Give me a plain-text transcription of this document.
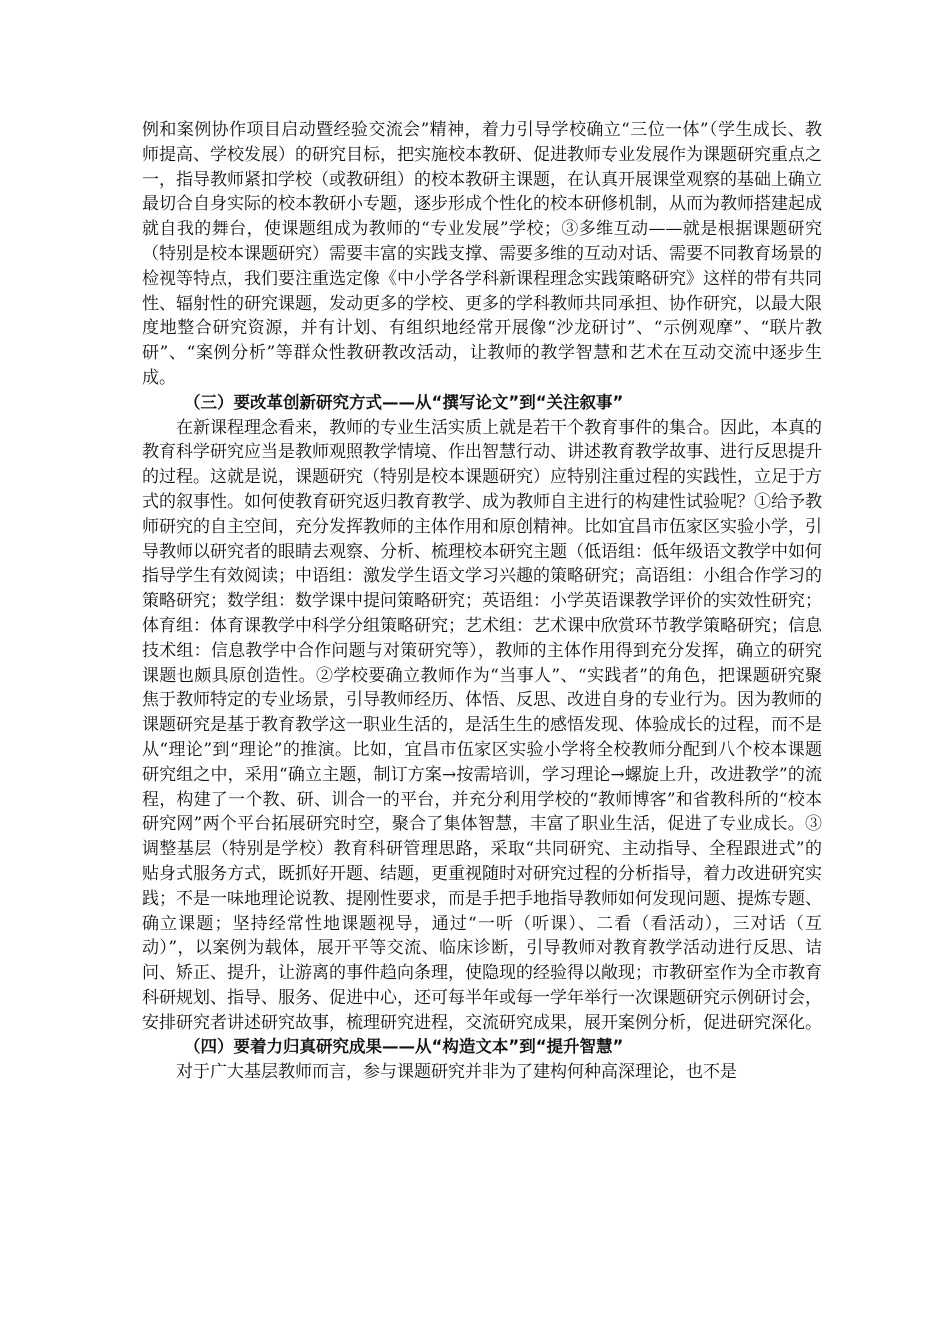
例和案例协作项目启动暨经验交流会”精神，着力引导学校确立“三位一体”（学生成长、教师提高、学校发展）的研究目标，把实施校本教研、促进教师专业发展作为课题研究重点之一，指导教师紧扣学校（或教研组）的校本教研主课题，在认真开展课堂观察的基础上确立最切合自身实际的校本教研小专题，逐步形成个性化的校本研修机制，从而为教师搭建起成就自我的舞台，使课题组成为教师的“专业发展”学校；③多维互动——就是根据课题研究（特别是校本课题研究）需要丰富的实践支撑、需要多维的互动对话、需要不同教育场景的检视等特点，我们要注重选定像《中小学各学科新课程理念实践策略研究》这样的带有共同性、辐射性的研究课题，发动更多的学校、更多的学科教师共同承担、协作研究，以最大限度地整合研究资源，并有计划、有组织地经常开展像“沙龙研讨”、“示例观摩”、“联片教研”、“案例分析”等群众性教研教改活动，让教师的教学智慧和艺术在互动交流中逐步生成。

（三）要改革创新研究方式——从“撰写论文”到“关注叙事”

在新课程理念看来，教师的专业生活实质上就是若干个教育事件的集合。因此，本真的教育科学研究应当是教师观照教学情境、作出智慧行动、讲述教育教学故事、进行反思提升的过程。这就是说，课题研究（特别是校本课题研究）应特别注重过程的实践性，立足于方式的叙事性。如何使教育研究返归教育教学、成为教师自主进行的构建性试验呢？①给予教师研究的自主空间，充分发挥教师的主体作用和原创精神。比如宜昌市伍家区实验小学，引导教师以研究者的眼睛去观察、分析、梳理校本研究主题（低语组：低年级语文教学中如何指导学生有效阅读；中语组：激发学生语文学习兴趣的策略研究；高语组：小组合作学习的策略研究；数学组：数学课中提问策略研究；英语组：小学英语课教学评价的实效性研究；体育组：体育课教学中科学分组策略研究；艺术组：艺术课中欣赏环节教学策略研究；信息技术组：信息教学中合作问题与对策研究等），教师的主体作用得到充分发挥，确立的研究课题也颇具原创造性。②学校要确立教师作为“当事人”、“实践者”的角色，把课题研究聚焦于教师特定的专业场景，引导教师经历、体悟、反思、改进自身的专业行为。因为教师的课题研究是基于教育教学这一职业生活的，是活生生的感悟发现、体验成长的过程，而不是从“理论”到“理论”的推演。比如，宜昌市伍家区实验小学将全校教师分配到八个校本课题研究组之中，采用“确立主题，制订方案→按需培训，学习理论→螺旋上升，改进教学”的流程，构建了一个教、研、训合一的平台，并充分利用学校的“教师博客”和省教科所的“校本研究网”两个平台拓展研究时空，聚合了集体智慧，丰富了职业生活，促进了专业成长。③调整基层（特别是学校）教育科研管理思路，采取“共同研究、主动指导、全程跟进式”的贴身式服务方式，既抓好开题、结题，更重视随时对研究过程的分析指导，着力改进研究实践；不是一味地理论说教、提刚性要求，而是手把手地指导教师如何发现问题、提炼专题、确立课题；坚持经常性地课题视导，通过“一听（听课）、二看（看活动），三对话（互动）”，以案例为载体，展开平等交流、临床诊断，引导教师对教育教学活动进行反思、诘问、矫正、提升，让游离的事件趋向条理，使隐现的经验得以敞现；市教研室作为全市教育科研规划、指导、服务、促进中心，还可每半年或每一学年举行一次课题研究示例研讨会，安排研究者讲述研究故事，梳理研究进程，交流研究成果，展开案例分析，促进研究深化。

（四）要着力归真研究成果——从“构造文本”到“提升智慧”

对于广大基层教师而言，参与课题研究并非为了建构何种高深理论，也不是
